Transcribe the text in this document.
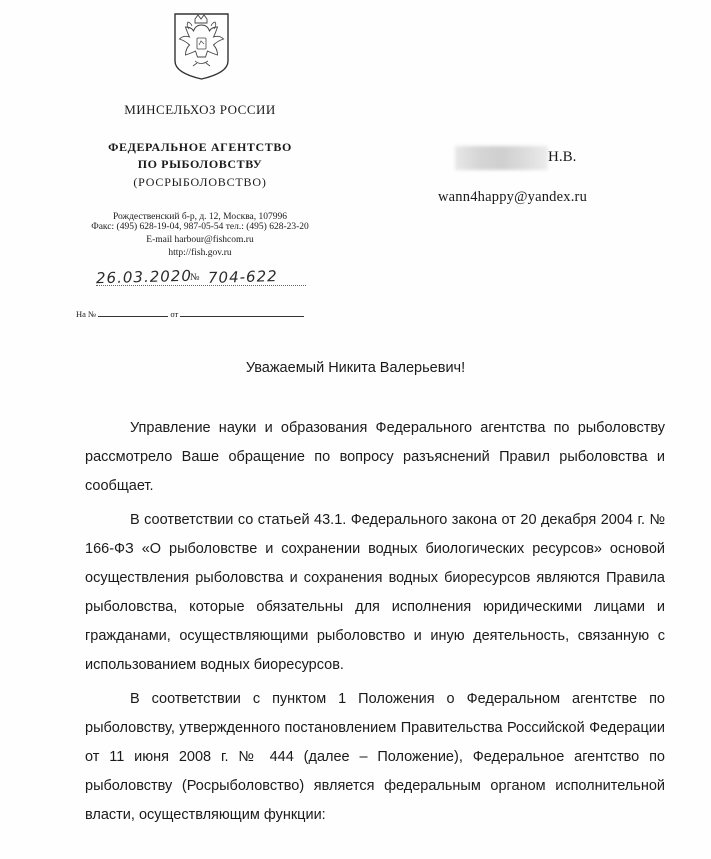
МИНСЕЛЬХОЗ РОССИИ
ФЕДЕРАЛЬНОЕ АГЕНТСТВО
ПО РЫБОЛОВСТВУ
(РОСРЫБОЛОВСТВО)
Рождественский б-р, д. 12, Москва, 107996
Факс: (495) 628-19-04, 987-05-54 тел.: (495) 628-23-20
E-mail harbour@fishcom.ru
http://fish.gov.ru
26.03.2020
№ 704-622
На №	от
Н.В.
wann4happy@yandex.ru
Уважаемый Никита Валерьевич!

Управление науки и образования Федерального агентства по рыболовству рассмотрело Ваше обращение по вопросу разъяснений Правил рыболовства и сообщает.

В соответствии со статьей 43.1. Федерального закона от 20 декабря 2004 г. № 166-ФЗ «О рыболовстве и сохранении водных биологических ресурсов» основой осуществления рыболовства и сохранения водных биоресурсов являются Правила рыболовства, которые обязательны для исполнения юридическими лицами и гражданами, осуществляющими рыболовство и иную деятельность, связанную с использованием водных биоресурсов.

В соответствии с пунктом 1 Положения о Федеральном агентстве по рыболовству, утвержденного постановлением Правительства Российской Федерации от 11 июня 2008 г. № 444 (далее – Положение), Федеральное агентство по рыболовству (Росрыболовство) является федеральным органом исполнительной власти, осуществляющим функции:
